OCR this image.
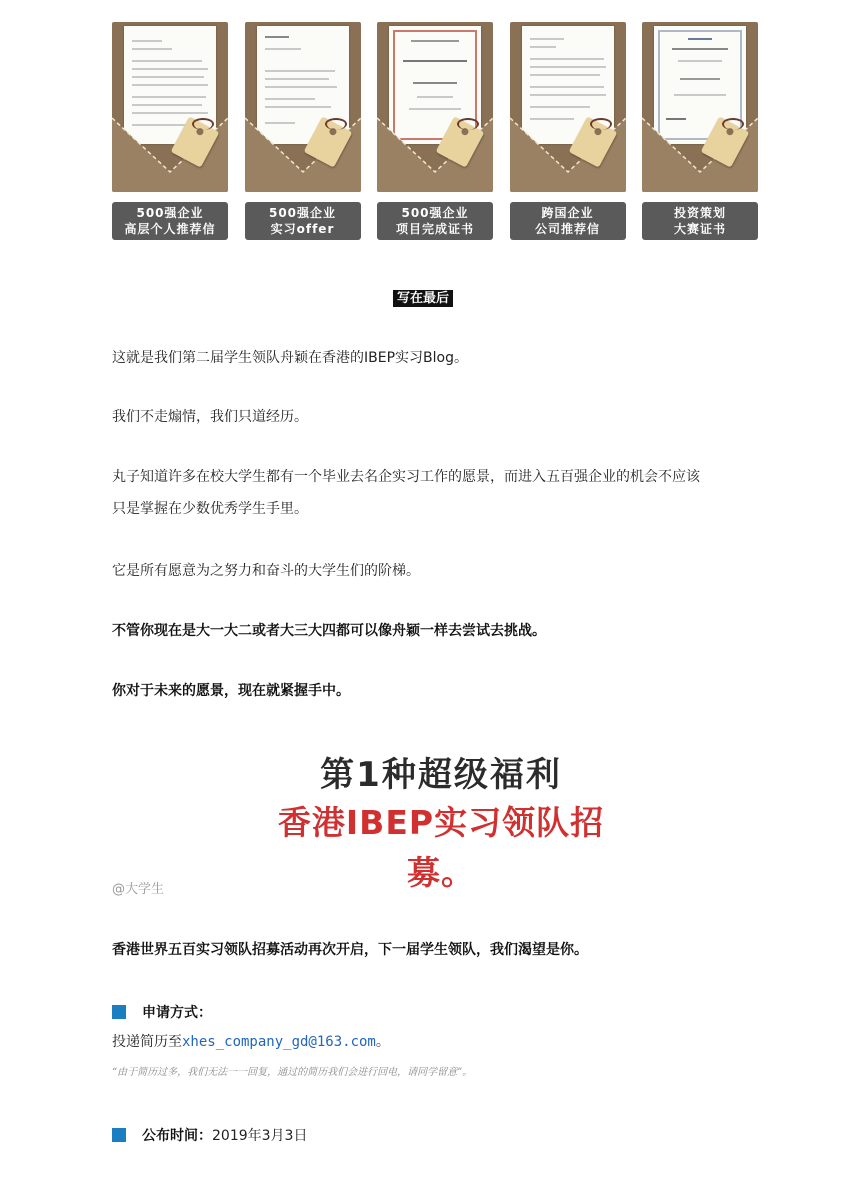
500强企业
高层个人推荐信
500强企业
实习offer
500强企业
项目完成证书
跨国企业
公司推荐信
投资策划
大赛证书
写在最后
这就是我们第二届学生领队舟颖在香港的IBEP实习Blog。
我们不走煽情，我们只道经历。
丸子知道许多在校大学生都有一个毕业去名企实习工作的愿景，而进入五百强企业的机会不应该
只是掌握在少数优秀学生手里。
它是所有愿意为之努力和奋斗的大学生们的阶梯。
不管你现在是大一大二或者大三大四都可以像舟颖一样去尝试去挑战。
你对于未来的愿景，现在就紧握手中。
第1种超级福利
香港IBEP实习领队招募。
@大学生
香港世界五百实习领队招募活动再次开启，下一届学生领队，我们渴望是你。
申请方式：
投递简历至xhes_company_gd@163.com。
“由于简历过多，我们无法一一回复，通过的简历我们会进行回电，请同学留意”。
公布时间： 2019年3月3日
